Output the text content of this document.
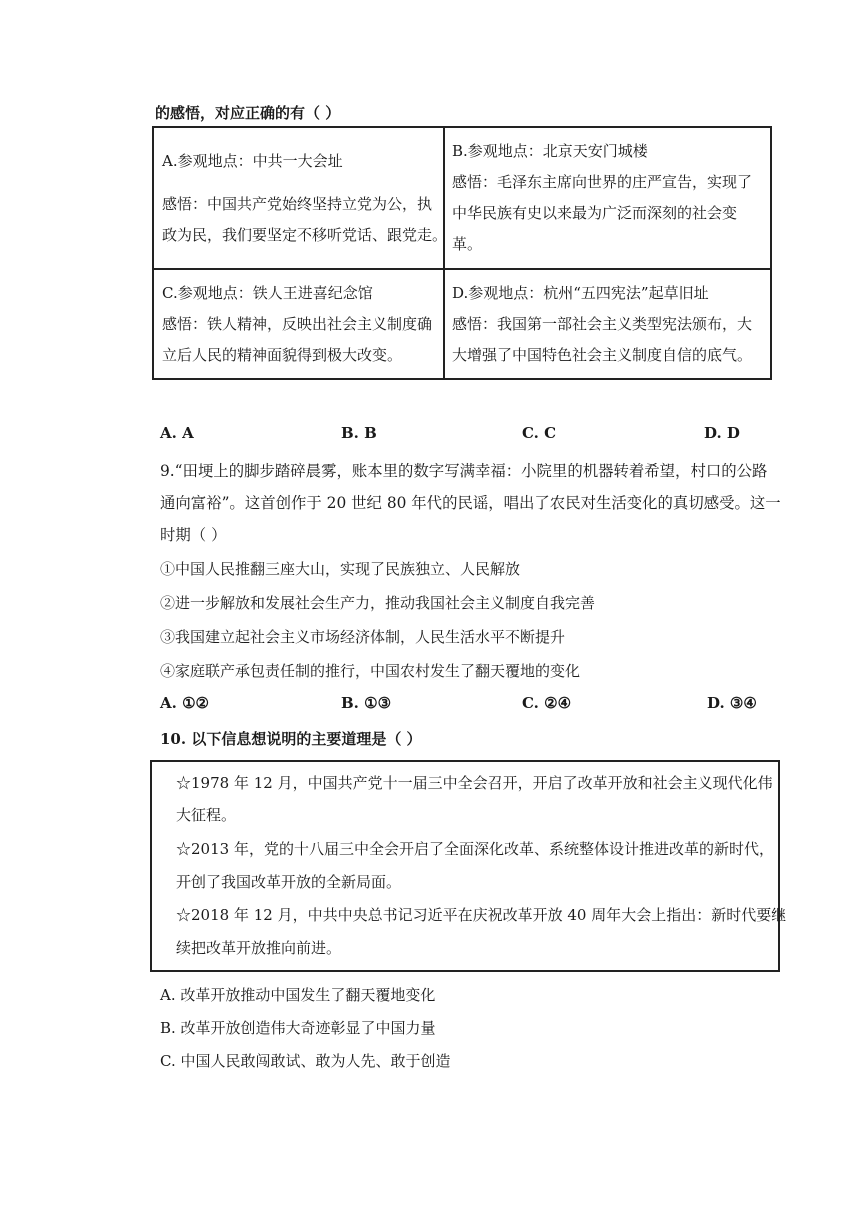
的感悟，对应正确的有（ ）
A.参观地点：中共一大会址
感悟：中国共产党始终坚持立党为公，执
政为民，我们要坚定不移听党话、跟党走。
B.参观地点：北京天安门城楼
感悟：毛泽东主席向世界的庄严宣告，实现了
中华民族有史以来最为广泛而深刻的社会变
革。
C.参观地点：铁人王进喜纪念馆
感悟：铁人精神，反映出社会主义制度确
立后人民的精神面貌得到极大改变。
D.参观地点：杭州“五四宪法”起草旧址
感悟：我国第一部社会主义类型宪法颁布，大
大增强了中国特色社会主义制度自信的底气。
A. A	B. B	C. C	D. D
9.“田埂上的脚步踏碎晨雾，账本里的数字写满幸福：小院里的机器转着希望，村口的公路
通向富裕”。这首创作于 20 世纪 80 年代的民谣，唱出了农民对生活变化的真切感受。这一
时期（ ）
①中国人民推翻三座大山，实现了民族独立、人民解放
②进一步解放和发展社会生产力，推动我国社会主义制度自我完善
③我国建立起社会主义市场经济体制，人民生活水平不断提升
④家庭联产承包责任制的推行，中国农村发生了翻天覆地的变化
A. ①②	B. ①③	C. ②④	D. ③④
10. 以下信息想说明的主要道理是（ ）
☆1978 年 12 月，中国共产党十一届三中全会召开，开启了改革开放和社会主义现代化伟
大征程。
☆2013 年，党的十八届三中全会开启了全面深化改革、系统整体设计推进改革的新时代，
开创了我国改革开放的全新局面。
☆2018 年 12 月，中共中央总书记习近平在庆祝改革开放 40 周年大会上指出：新时代要继
续把改革开放推向前进。
A. 改革开放推动中国发生了翻天覆地变化
B. 改革开放创造伟大奇迹彰显了中国力量
C. 中国人民敢闯敢试、敢为人先、敢于创造
